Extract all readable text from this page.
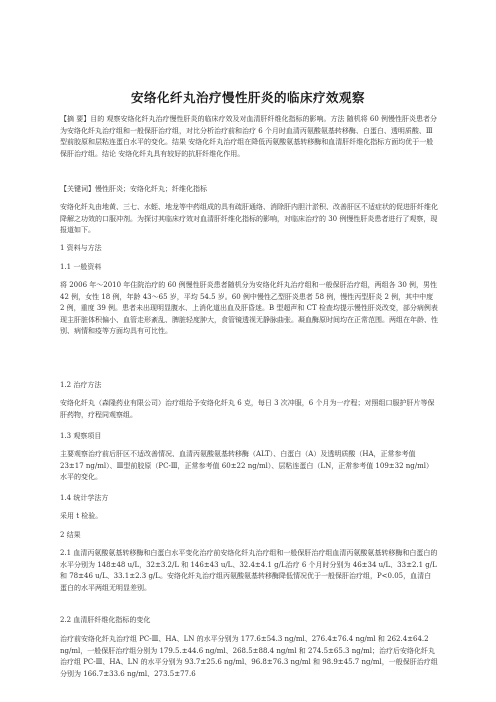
安络化纤丸治疗慢性肝炎的临床疗效观察

【摘 要】目的 观察安络化纤丸治疗慢性肝炎的临床疗效及对血清肝纤维化指标的影响。方法 随机将 60 例慢性肝炎患者分为安络化纤丸治疗组和一般保肝治疗组，对比分析治疗前和治疗 6 个月时血清丙氨酸氨基转移酶、白蛋白、透明质酸、Ⅲ型前胶原和层粘连蛋白水平的变化。结果 安络化纤丸治疗组在降低丙氨酸氨基转移酶和血清肝纤维化指标方面均优于一般保肝治疗组。结论 安络化纤丸具有较好的抗肝纤维化作用。

【关键词】慢性肝炎；安络化纤丸；纤维化指标

安络化纤丸由地黄、三七、水蛭、地龙等中药组成的具有疏肝通络、消除肝内胆汁淤积、改善肝区不适症状的促进肝纤维化降解之功效的口服冲剂。为探讨其临床疗效对血清肝纤维化指标的影响，对临床治疗的 30 例慢性肝炎患者进行了观察，现报道如下。

1 资料与方法
1.1 一般资料

将 2006 年～2010 年住院治疗的 60 例慢性肝炎患者随机分为安络化纤丸治疗组和一般保肝治疗组，两组各 30 例，男性 42 例，女性 18 例，年龄 43～65 岁，平均 54.5 岁。60 例中慢性乙型肝炎患者 58 例，慢性丙型肝炎 2 例，其中中度 2 例，重度 39 例。患者未出现明显腹水、上消化道出血及肝昏迷。B 型超声和 CT 检查均提示慢性肝炎改变，部分病例表现主肝脏体积偏小、血管走形紊乱、脾脏轻度肿大，食管镜透视无静脉曲张。凝血酶原时间均在正常范围。两组在年龄、性别、病情和疫等方面均具有可比性。

1.2 治疗方法

安络化纤丸（森隆药业有限公司）治疗组给予安络化纤丸 6 克，每日 3 次冲服，6 个月为一疗程；对照组口服护肝片等保肝药物，疗程同观察组。

1.3 观察项目

主要观察治疗前后肝区不适改善情况、血清丙氨酸氨基转移酶（ALT）、白蛋白（A）及透明质酸（HA，正常参考值 23±17 ng/ml）、Ⅲ型前胶原（PC-Ⅲ，正常参考值 60±22 ng/ml）、层粘连蛋白（LN，正常参考值 109±32 ng/ml）水平的变化。

1.4 统计学法方

采用 t 检验。

2 结果

2.1 血清丙氨酸氨基转移酶和白蛋白水平变化治疗前安络化纤丸治疗组和一般保肝治疗组血清丙氨酸氨基转移酶和白蛋白的水平分别为 148±48 u/L，32±3.2/L 和 146±43 u/L、32.4±4.1 g/L治疗 6 个月时分别为 46±34 u/L、33±2.1 g/L 和 78±46 u/L、33.1±2.3 g/L。安络化纤丸治疗组丙氨酸氨基转移酶降低情况优于一般保肝治疗组，P<0.05，血清白蛋白的水平两组无明显差别。

2.2 血清肝纤维化指标的变化

治疗前安络化纤丸治疗组 PC-Ⅲ、HA、LN 的水平分别为 177.6±54.3 ng/ml、276.4±76.4 ng/ml 和 262.4±64.2 ng/ml，一般保肝治疗组分别为 179.5.±44.6 ng/ml、268.5±88.4 ng/ml 和 274.5±65.3 ng/ml；治疗后安络化纤丸治疗组 PC-Ⅲ、HA、LN 的水平分别为 93.7±25.6 ng/ml、96.8±76.3 ng/ml 和 98.9±45.7 ng/ml，一般保肝治疗组分别为 166.7±33.6 ng/ml、273.5±77.6
